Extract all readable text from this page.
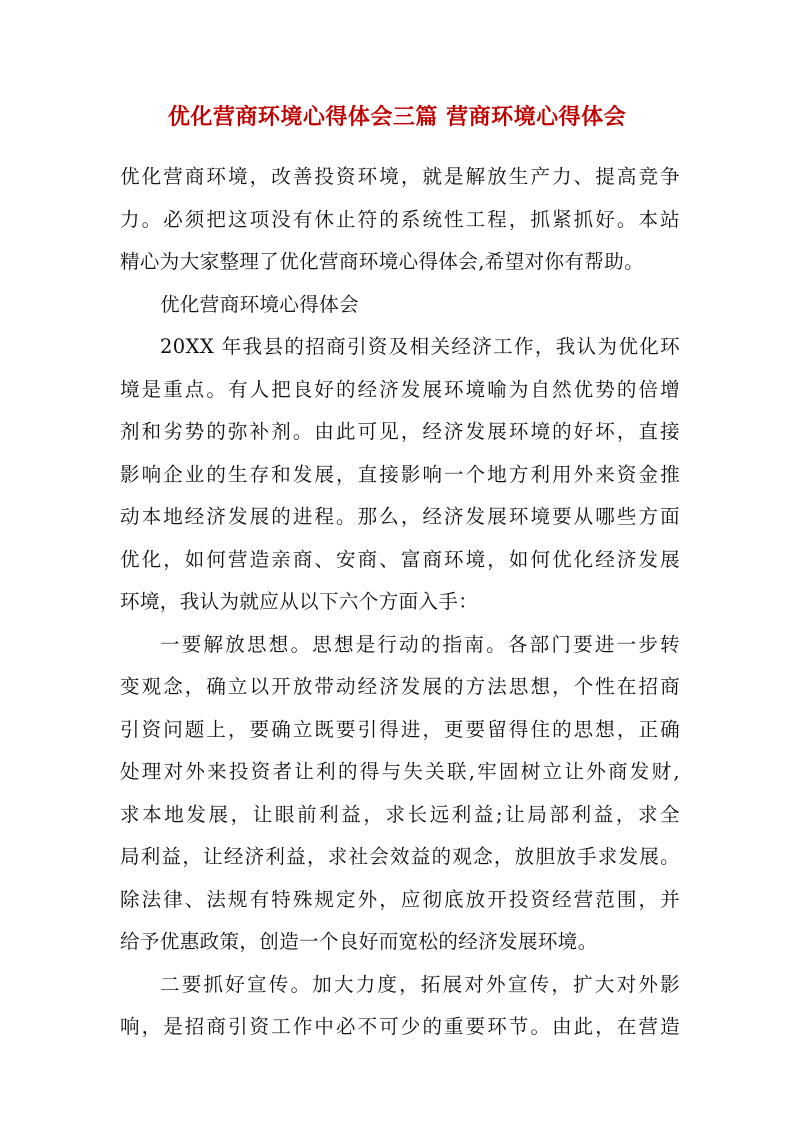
优化营商环境心得体会三篇 营商环境心得体会
优化营商环境，改善投资环境，就是解放生产力、提高竞争
力。必须把这项没有休止符的系统性工程，抓紧抓好。本站
精心为大家整理了优化营商环境心得体会,希望对你有帮助。
优化营商环境心得体会
20XX 年我县的招商引资及相关经济工作，我认为优化环
境是重点。有人把良好的经济发展环境喻为自然优势的倍增
剂和劣势的弥补剂。由此可见，经济发展环境的好坏，直接
影响企业的生存和发展，直接影响一个地方利用外来资金推
动本地经济发展的进程。那么，经济发展环境要从哪些方面
优化，如何营造亲商、安商、富商环境，如何优化经济发展
环境，我认为就应从以下六个方面入手：
一要解放思想。思想是行动的指南。各部门要进一步转
变观念，确立以开放带动经济发展的方法思想，个性在招商
引资问题上，要确立既要引得进，更要留得住的思想，正确
处理对外来投资者让利的得与失关联,牢固树立让外商发财,
求本地发展，让眼前利益，求长远利益;让局部利益，求全
局利益，让经济利益，求社会效益的观念，放胆放手求发展。
除法律、法规有特殊规定外，应彻底放开投资经营范围，并
给予优惠政策，创造一个良好而宽松的经济发展环境。
二要抓好宣传。加大力度，拓展对外宣传，扩大对外影
响，是招商引资工作中必不可少的重要环节。由此，在营造
